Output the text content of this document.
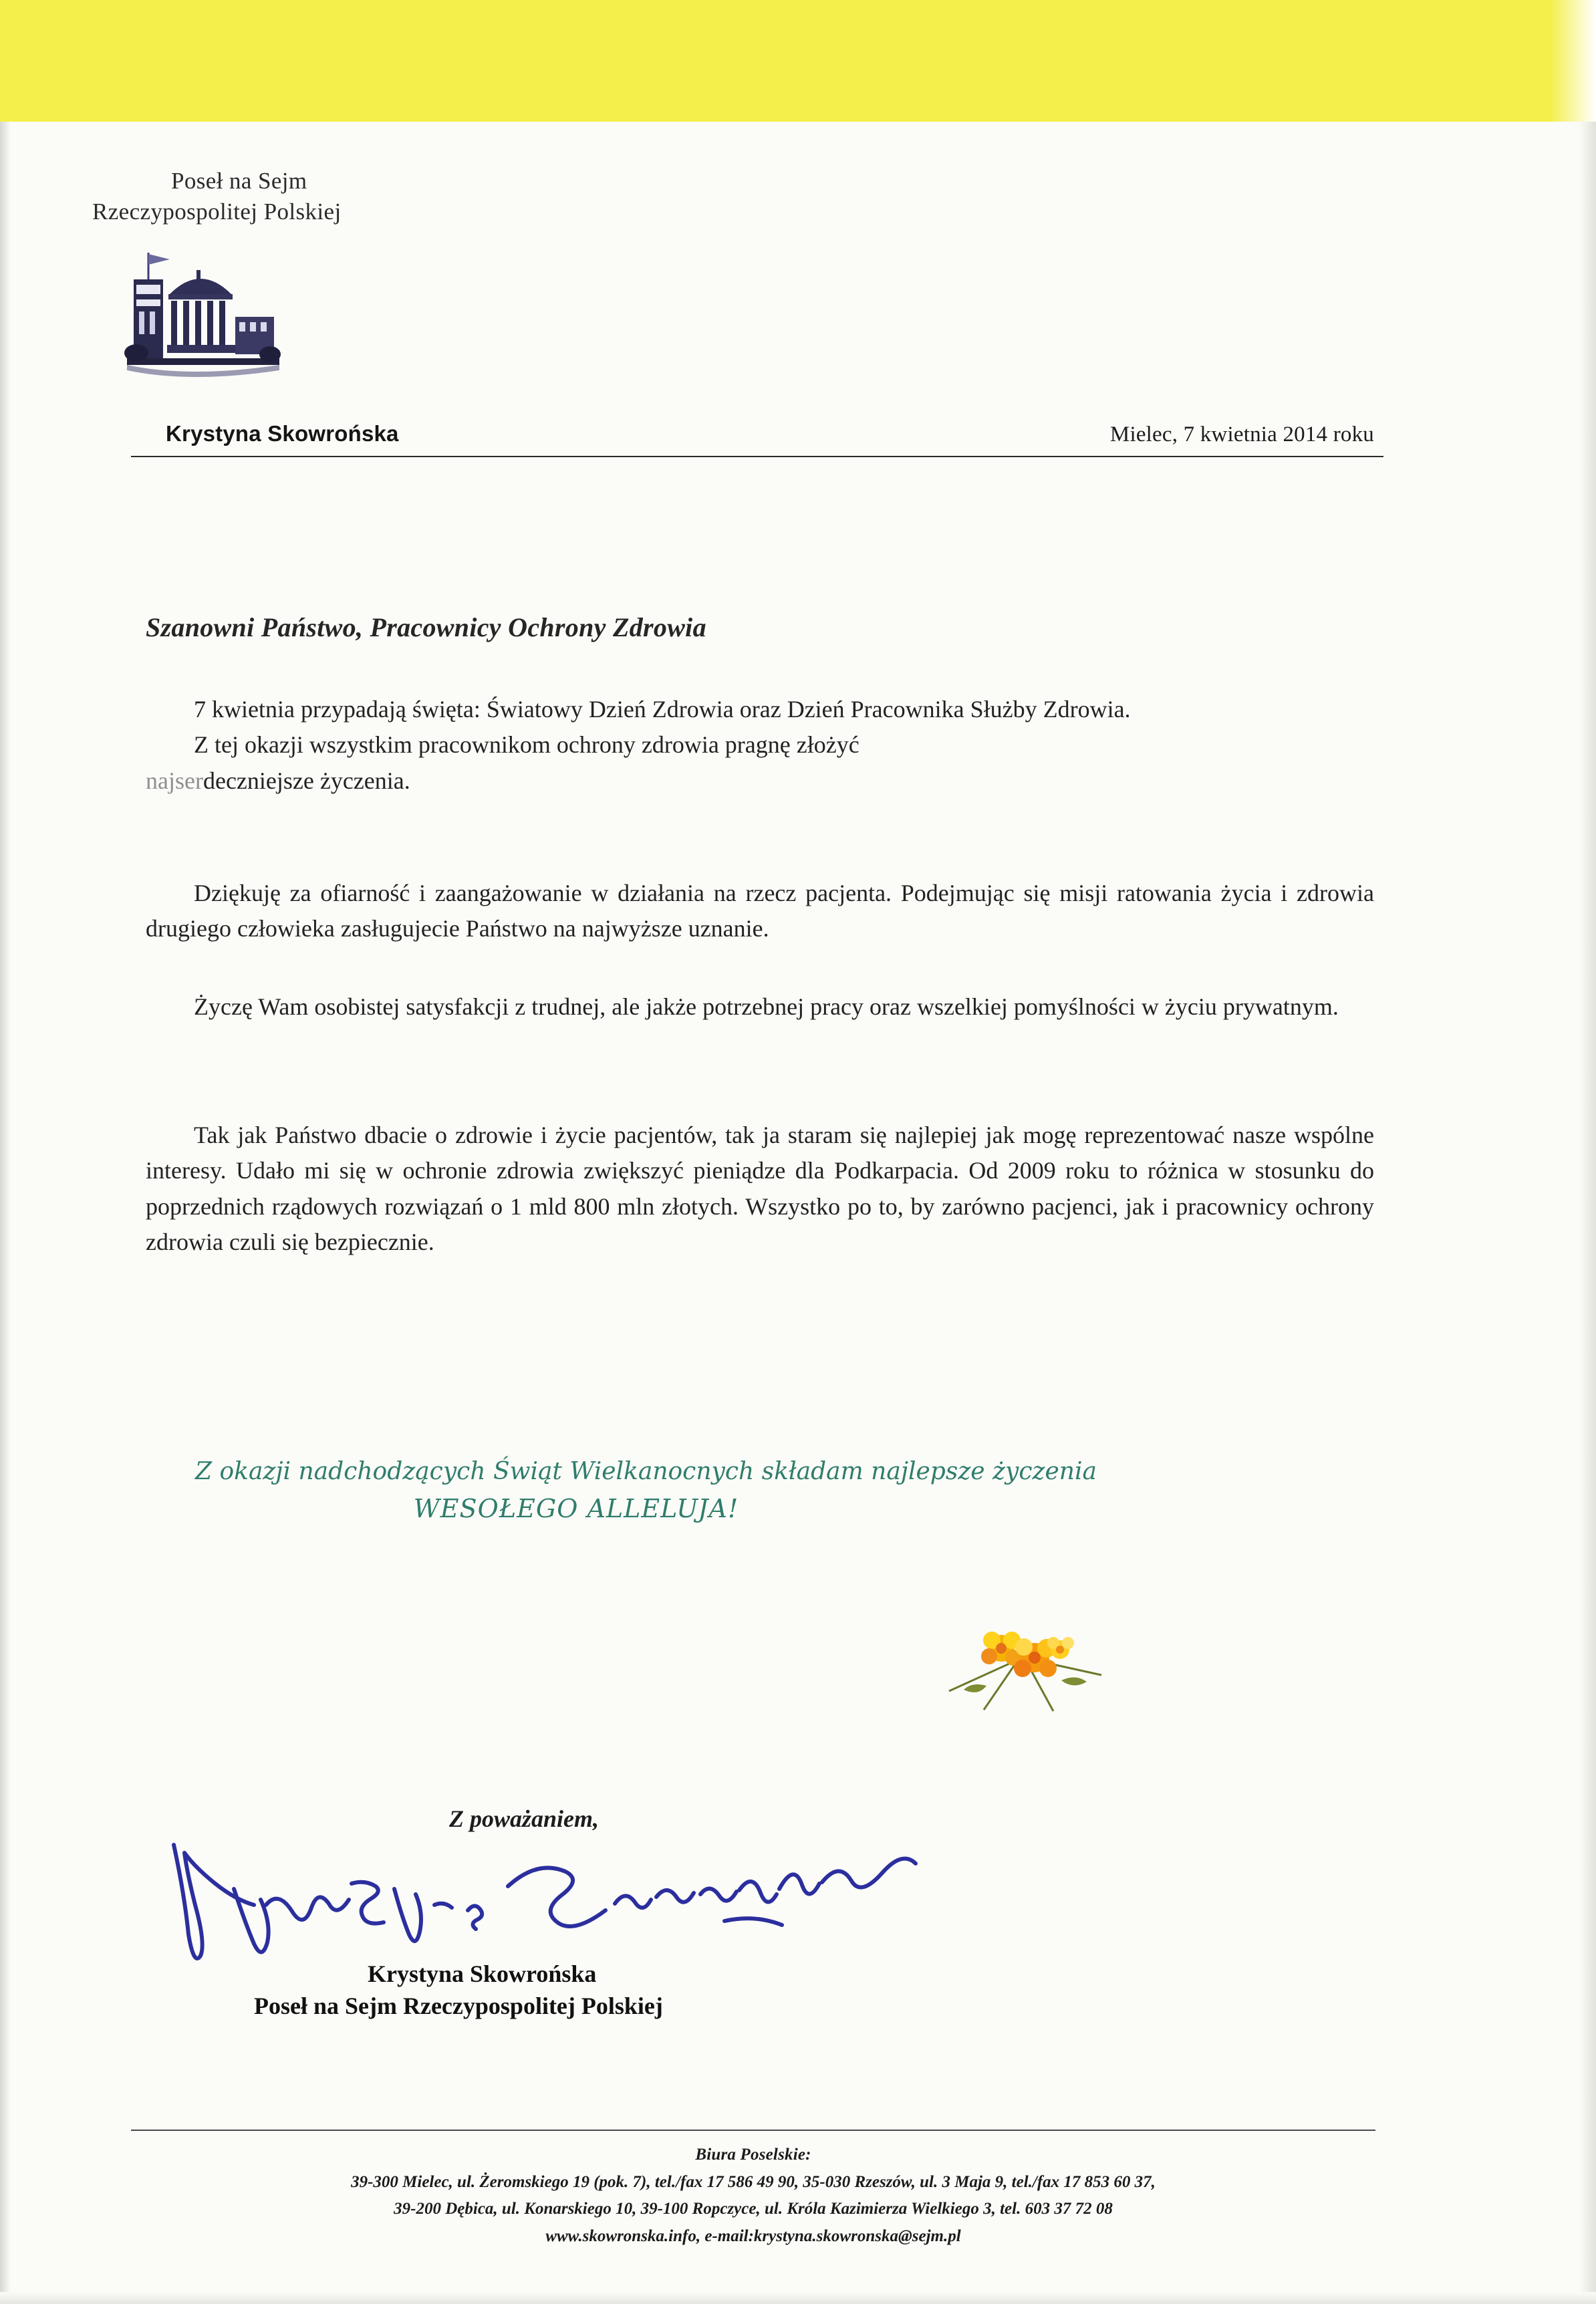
Poseł na Sejm
Rzeczypospolitej Polskiej
Krystyna Skowrońska	Mielec, 7 kwietnia 2014 roku
Szanowni Państwo, Pracownicy Ochrony Zdrowia

7 kwietnia przypadają święta: Światowy Dzień Zdrowia oraz Dzień Pracownika Służby Zdrowia.

Z tej okazji wszystkim pracownikom ochrony zdrowia pragnę złożyć

najserdeczniejsze życzenia.

Dziękuję za ofiarność i zaangażowanie w działania na rzecz pacjenta. Podejmując się misji ratowania życia i zdrowia drugiego człowieka zasługujecie Państwo na najwyższe uznanie.

Życzę Wam osobistej satysfakcji z trudnej, ale jakże potrzebnej pracy oraz wszelkiej pomyślności w życiu prywatnym.

Tak jak Państwo dbacie o zdrowie i życie pacjentów, tak ja staram się najlepiej jak mogę reprezentować nasze wspólne interesy. Udało mi się w ochronie zdrowia zwiększyć pieniądze dla Podkarpacia. Od 2009 roku to różnica w stosunku do poprzednich rządowych rozwiązań o 1 mld 800 mln złotych. Wszystko po to, by zarówno pacjenci, jak i pracownicy ochrony zdrowia czuli się bezpiecznie.

Z okazji nadchodzących Świąt Wielkanocnych składam najlepsze życzenia
WESOŁEGO ALLELUJA!
Z poważaniem,
Krystyna Skowrońska
Poseł na Sejm Rzeczypospolitej Polskiej
Biura Poselskie:
39-300 Mielec, ul. Żeromskiego 19 (pok. 7), tel./fax 17 586 49 90, 35-030 Rzeszów, ul. 3 Maja 9, tel./fax 17 853 60 37,
39-200 Dębica, ul. Konarskiego 10, 39-100 Ropczyce, ul. Króla Kazimierza Wielkiego 3, tel. 603 37 72 08
www.skowronska.info, e-mail:krystyna.skowronska@sejm.pl
